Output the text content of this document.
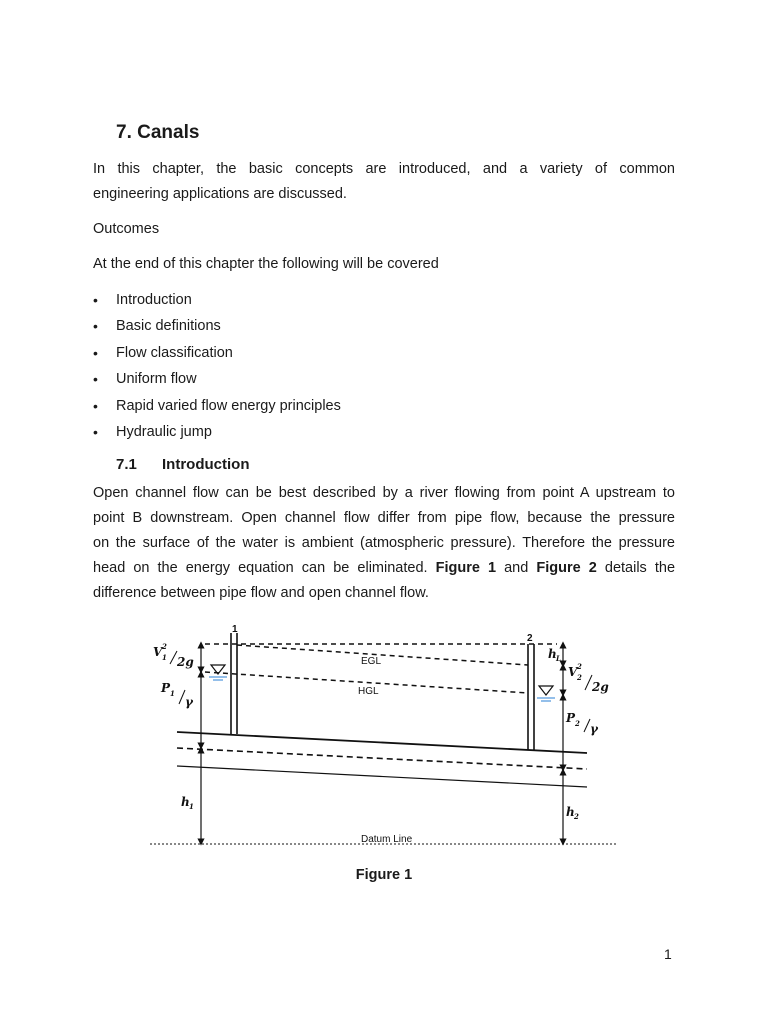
7. Canals

In this chapter, the basic concepts are introduced, and a variety of common

engineering applications are discussed.

Outcomes

At the end of this chapter the following will be covered

• Introduction
• Basic definitions
• Flow classification
• Uniform flow
• Rapid varied flow energy principles
• Hydraulic jump
7.1 Introduction

Open channel flow can be best described by a river flowing from point A upstream to

point B downstream. Open channel flow differ from pipe flow, because the pressure

on the surface of the water is ambient (atmospheric pressure). Therefore the pressure

head on the energy equation can be eliminated. Figure 1 and Figure 2 details the

difference between pipe flow and open channel flow.

1
2
EGL
HGL
Datum Line
V 2
1 2g
P 1
γ
h 1
h L
V 2
2
2g
P 2 γ
h 2
Figure 1
1
